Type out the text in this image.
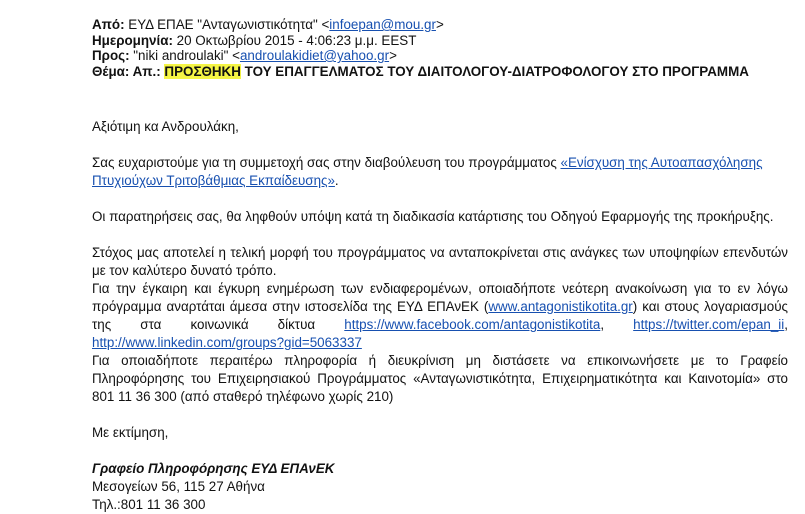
Από: ΕΥΔ ΕΠΑΕ "Ανταγωνιστικότητα" <infoepan@mou.gr>
Ημερομηνία: 20 Οκτωβρίου 2015 - 4:06:23 μ.μ. EEST
Προς: "niki androulaki" <androulakidiet@yahoo.gr>
Θέμα: Απ.: ΠΡΟΣΘΗΚΗ ΤΟΥ ΕΠΑΓΓΕΛΜΑΤΟΣ ΤΟΥ ΔΙΑΙΤΟΛΟΓΟΥ-ΔΙΑΤΡΟΦΟΛΟΓΟΥ ΣΤΟ ΠΡΟΓΡΑΜΜΑ

Αξιότιμη κα Ανδρουλάκη,

Σας ευχαριστούμε για τη συμμετοχή σας στην διαβούλευση του προγράμματος «Ενίσχυση της Αυτοαπασχόλησης Πτυχιούχων Τριτοβάθμιας Εκπαίδευσης».

Οι παρατηρήσεις σας, θα ληφθούν υπόψη κατά τη διαδικασία κατάρτισης του Οδηγού Εφαρμογής της προκήρυξης.

Στόχος μας αποτελεί η τελική μορφή του προγράμματος να ανταποκρίνεται στις ανάγκες των υποψηφίων επενδυτών με τον καλύτερο δυνατό τρόπο.

Για την έγκαιρη και έγκυρη ενημέρωση των ενδιαφερομένων, οποιαδήποτε νεότερη ανακοίνωση για το εν λόγω πρόγραμμα αναρτάται άμεσα στην ιστοσελίδα της ΕΥΔ ΕΠΑνΕΚ (www.antagonistikotita.gr) και στους λογαριασμούς της στα κοινωνικά δίκτυα https://www.facebook.com/antagonistikotita, https://twitter.com/epan_ii, http://www.linkedin.com/groups?gid=5063337

Για οποιαδήποτε περαιτέρω πληροφορία ή διευκρίνιση μη διστάσετε να επικοινωνήσετε με το Γραφείο Πληροφόρησης του Επιχειρησιακού Προγράμματος «Ανταγωνιστικότητα, Επιχειρηματικότητα και Καινοτομία» στο 801 11 36 300 (από σταθερό τηλέφωνο χωρίς 210)

Με εκτίμηση,

Γραφείο Πληροφόρησης ΕΥΔ ΕΠΑνΕΚ

Μεσογείων 56, 115 27 Αθήνα

Τηλ.:801 11 36 300
